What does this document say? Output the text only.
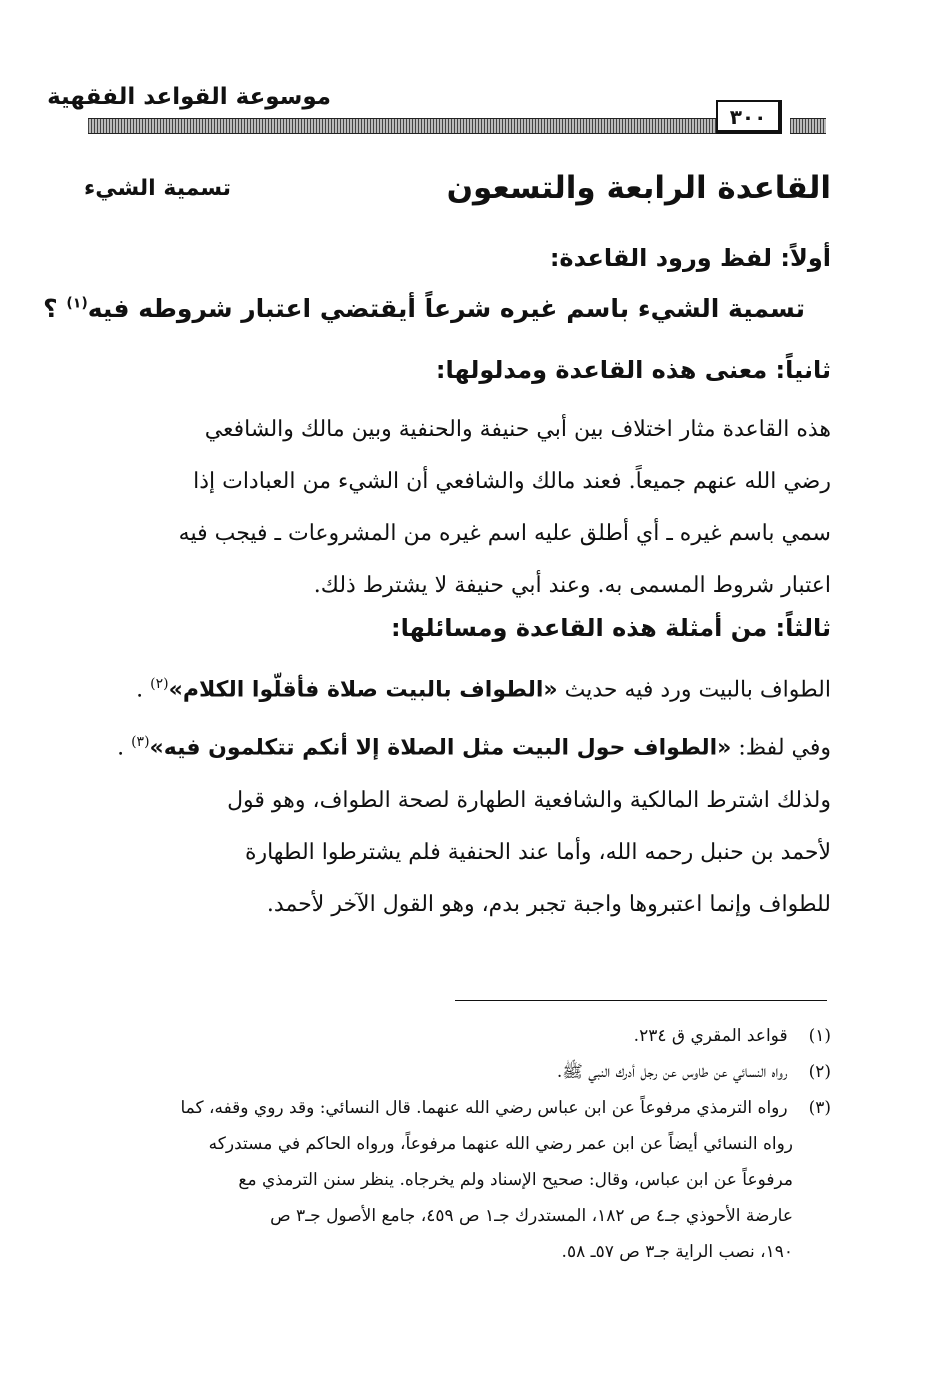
موسوعة القواعد الفقهية
٣٠٠
القاعدة الرابعة والتسعون
تسمية الشيء
أولاً: لفظ ورود القاعدة:
تسمية الشيء باسم غيره شرعاً أيقتضي اعتبار شروطه فيه$^{(١)}$ ؟
ثانياً: معنى هذه القاعدة ومدلولها:
هذه القاعدة مثار اختلاف بين أبي حنيفة والحنفية وبين مالك والشافعي
رضي الله عنهم جميعاً. فعند مالك والشافعي أن الشيء من العبادات إذا
سمي باسم غيره ـ أي أطلق عليه اسم غيره من المشروعات ـ فيجب فيه
اعتبار شروط المسمى به. وعند أبي حنيفة لا يشترط ذلك.
ثالثاً: من أمثلة هذه القاعدة ومسائلها:
الطواف بالبيت ورد فيه حديث «الطواف بالبيت صلاة فأقلّوا الكلام»$^{(٢)}$ .
وفي لفظ: «الطواف حول البيت مثل الصلاة إلا أنكم تتكلمون فيه»$^{(٣)}$ .
ولذلك اشترط المالكية والشافعية الطهارة لصحة الطواف، وهو قول
لأحمد بن حنبل رحمه الله، وأما عند الحنفية فلم يشترطوا الطهارة
للطواف وإنما اعتبروها واجبة تجبر بدم، وهو القول الآخر لأحمد.
(١) قواعد المقري ق ٢٣٤.
(٢) رواه النسائي عن طاوس عن رجل أدرك النبي ﷺ.
(٣) رواه الترمذي مرفوعاً عن ابن عباس رضي الله عنهما. قال النسائي: وقد روي وقفه، كما
رواه النسائي أيضاً عن ابن عمر رضي الله عنهما مرفوعاً، ورواه الحاكم في مستدركه
مرفوعاً عن ابن عباس، وقال: صحيح الإسناد ولم يخرجاه. ينظر سنن الترمذي مع
عارضة الأحوذي جـ٤ ص ١٨٢، المستدرك جـ١ ص ٤٥٩، جامع الأصول جـ٣ ص
١٩٠، نصب الراية جـ٣ ص ٥٧ـ ٥٨.
